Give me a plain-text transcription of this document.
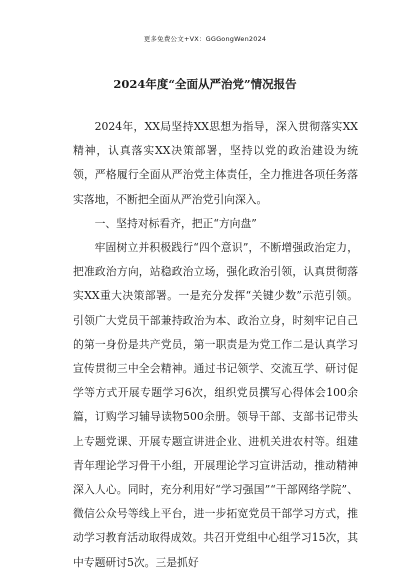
更多免费公文+VX：GGGongWen2024
2024年度“全面从严治党”情况报告

2024年，XX局坚持XX思想为指导，深入贯彻落实XX精神，认真落实XX决策部署，坚持以党的政治建设为统领，严格履行全面从严治党主体责任，全力推进各项任务落实落地，不断把全面从严治党引向深入。

一、坚持对标看齐，把正“方向盘”

牢固树立并积极践行“四个意识”，不断增强政治定力，把准政治方向，站稳政治立场，强化政治引领，认真贯彻落实XX重大决策部署。一是充分发挥“关键少数”示范引领。引领广大党员干部兼持政治为本、政治立身，时刻牢记自己的第一身份是共产党员，第一职责是为党工作二是认真学习宣传贯彻三中全会精神。通过书记领学、交流互学、研讨促学等方式开展专题学习6次，组织党员撰写心得体会100余篇，订购学习辅导读物500余册。领导干部、支部书记带头上专题党课、开展专题宣讲进企业、进机关进农村等。组建青年理论学习骨干小组，开展理论学习宣讲活动，推动精神深入人心。同时，充分利用好“学习强国”“干部网络学院”、微信公众号等线上平台，进一步拓宽党员干部学习方式，推动学习教育活动取得成效。共召开党组中心组学习15次，其中专题研讨5次。三是抓好
